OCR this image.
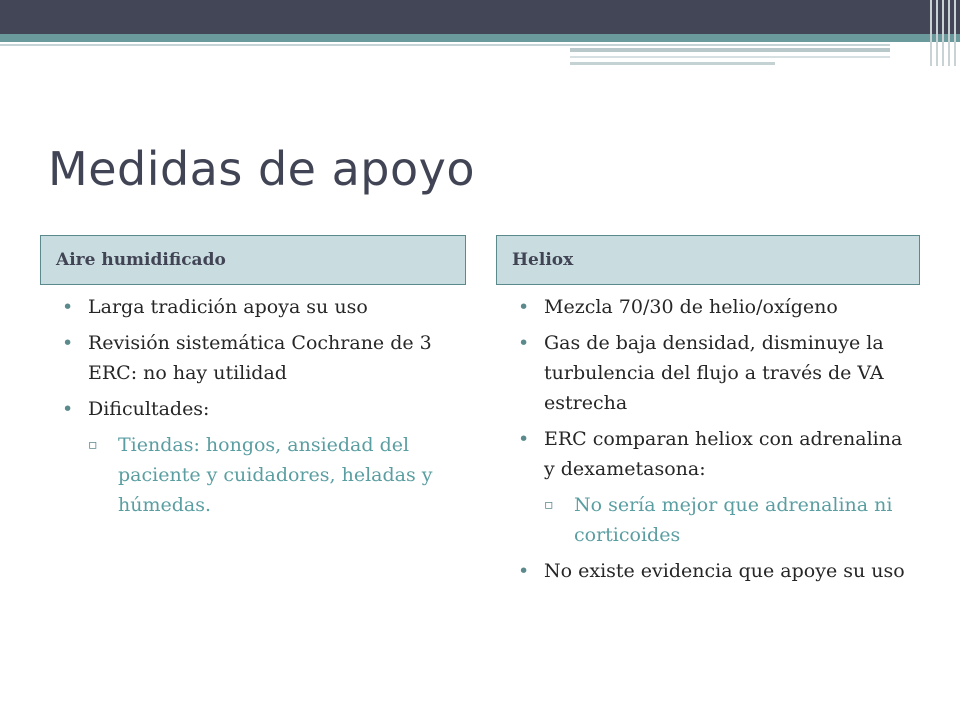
Medidas de apoyo
Aire humidificado
• Larga tradición apoya su uso
• Revisión sistemática Cochrane de 3 ERC: no hay utilidad
• Dificultades:
▫ Tiendas: hongos, ansiedad del paciente y cuidadores, heladas y húmedas.
Heliox
• Mezcla 70/30 de helio/oxígeno
• Gas de baja densidad, disminuye la turbulencia del flujo a través de VA estrecha
• ERC comparan heliox con adrenalina y dexametasona:
▫ No sería mejor que adrenalina ni corticoides
• No existe evidencia que apoye su uso
